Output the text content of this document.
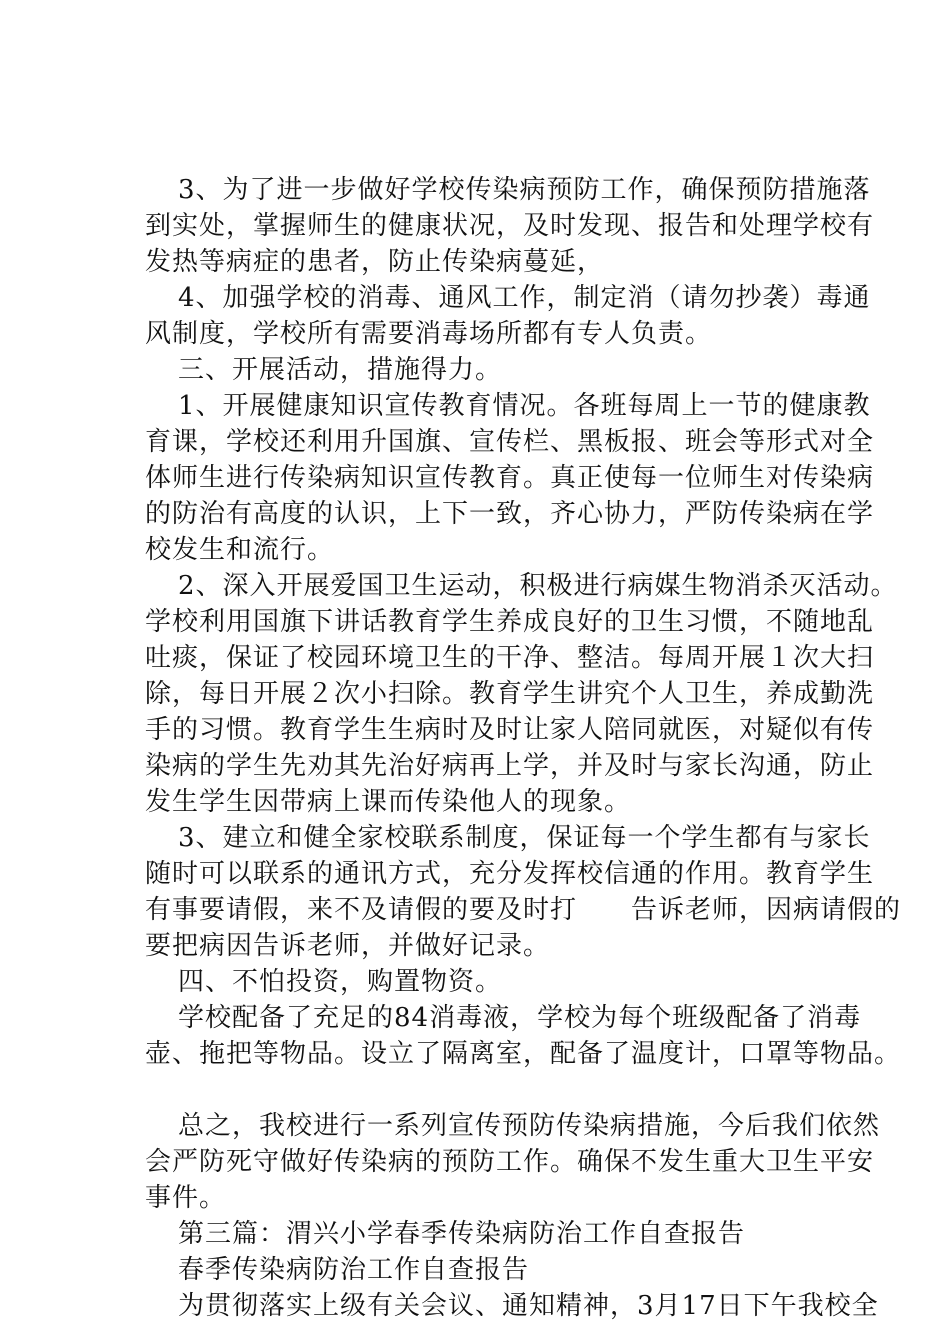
3、为了进一步做好学校传染病预防工作，确保预防措施落
到实处，掌握师生的健康状况，及时发现、报告和处理学校有
发热等病症的患者，防止传染病蔓延，
4、加强学校的消毒、通风工作，制定消（请勿抄袭）毒通
风制度，学校所有需要消毒场所都有专人负责。
三、开展活动，措施得力。
1、开展健康知识宣传教育情况。各班每周上一节的健康教
育课，学校还利用升国旗、宣传栏、黑板报、班会等形式对全
体师生进行传染病知识宣传教育。真正使每一位师生对传染病
的防治有高度的认识，上下一致，齐心协力，严防传染病在学
校发生和流行。
2、深入开展爱国卫生运动，积极进行病媒生物消杀灭活动。
学校利用国旗下讲话教育学生养成良好的卫生习惯，不随地乱
吐痰，保证了校园环境卫生的干净、整洁。每周开展１次大扫
除，每日开展２次小扫除。教育学生讲究个人卫生，养成勤洗
手的习惯。教育学生生病时及时让家人陪同就医，对疑似有传
染病的学生先劝其先治好病再上学，并及时与家长沟通，防止
发生学生因带病上课而传染他人的现象。
3、建立和健全家校联系制度，保证每一个学生都有与家长
随时可以联系的通讯方式，充分发挥校信通的作用。教育学生
有事要请假，来不及请假的要及时打　　告诉老师，因病请假的
要把病因告诉老师，并做好记录。
四、不怕投资，购置物资。
学校配备了充足的84消毒液，学校为每个班级配备了消毒
壶、拖把等物品。设立了隔离室，配备了温度计，口罩等物品。
总之，我校进行一系列宣传预防传染病措施，今后我们依然
会严防死守做好传染病的预防工作。确保不发生重大卫生平安
事件。
第三篇：渭兴小学春季传染病防治工作自查报告
春季传染病防治工作自查报告
为贯彻落实上级有关会议、通知精神，3月17日下午我校全
